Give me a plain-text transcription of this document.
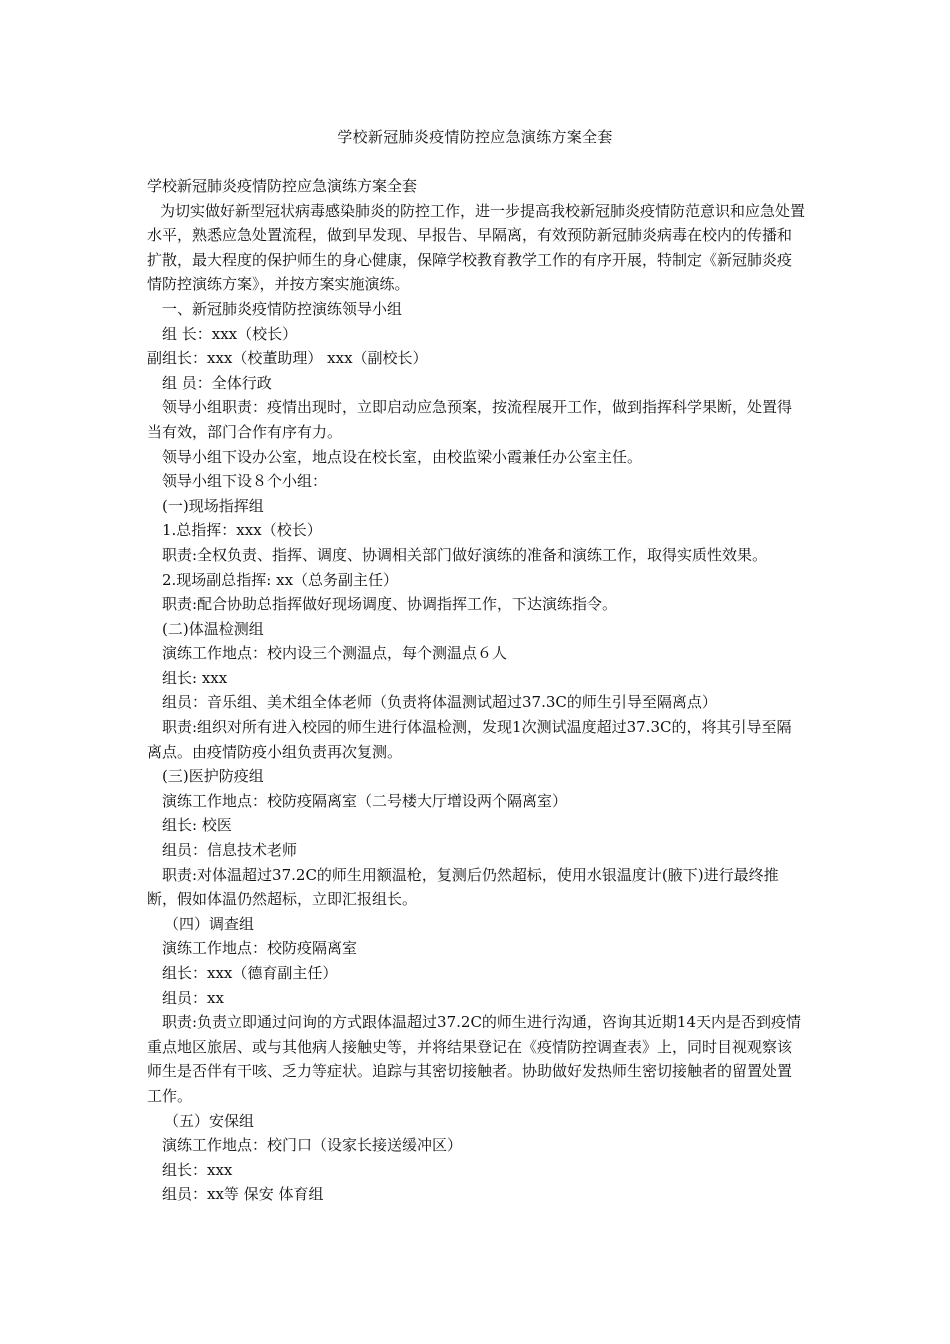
学校新冠肺炎疫情防控应急演练方案全套

学校新冠肺炎疫情防控应急演练方案全套

为切实做好新型冠状病毒感染肺炎的防控工作，进一步提高我校新冠肺炎疫情防范意识和应急处置水平，熟悉应急处置流程，做到早发现、早报告、早隔离，有效预防新冠肺炎病毒在校内的传播和扩散，最大程度的保护师生的身心健康，保障学校教育教学工作的有序开展，特制定《新冠肺炎疫情防控演练方案》，并按方案实施演练。

一、新冠肺炎疫情防控演练领导小组

组 长：xxx（校长）

副组长：xxx（校董助理） xxx（副校长）

组 员：全体行政

领导小组职责：疫情出现时，立即启动应急预案，按流程展开工作，做到指挥科学果断，处置得当有效，部门合作有序有力。

领导小组下设办公室，地点设在校长室，由校监梁小霞兼任办公室主任。

领导小组下设８个小组：

(一)现场指挥组

1.总指挥：xxx（校长）

职责:全权负责、指挥、调度、协调相关部门做好演练的准备和演练工作，取得实质性效果。

2.现场副总指挥: xx（总务副主任）

职责:配合协助总指挥做好现场调度、协调指挥工作，下达演练指令。

(二)体温检测组

演练工作地点：校内设三个测温点，每个测温点６人

组长: xxx

组员：音乐组、美术组全体老师（负责将体温测试超过37.3C的师生引导至隔离点）

职责:组织对所有进入校园的师生进行体温检测，发现1次测试温度超过37.3C的，将其引导至隔离点。由疫情防疫小组负责再次复测。

(三)医护防疫组

演练工作地点：校防疫隔离室（二号楼大厅增设两个隔离室）

组长: 校医

组员：信息技术老师

职责:对体温超过37.2C的师生用额温枪，复测后仍然超标，使用水银温度计(腋下)进行最终推断，假如体温仍然超标，立即汇报组长。

（四）调查组

演练工作地点：校防疫隔离室

组长：xxx（德育副主任）

组员：xx

职责:负责立即通过问询的方式跟体温超过37.2C的师生进行沟通，咨询其近期14天内是否到疫情重点地区旅居、或与其他病人接触史等，并将结果登记在《疫情防控调查表》上，同时目视观察该师生是否伴有干咳、乏力等症状。追踪与其密切接触者。协助做好发热师生密切接触者的留置处置工作。

（五）安保组

演练工作地点：校门口（设家长接送缓冲区）

组长：xxx

组员：xx等 保安 体育组
